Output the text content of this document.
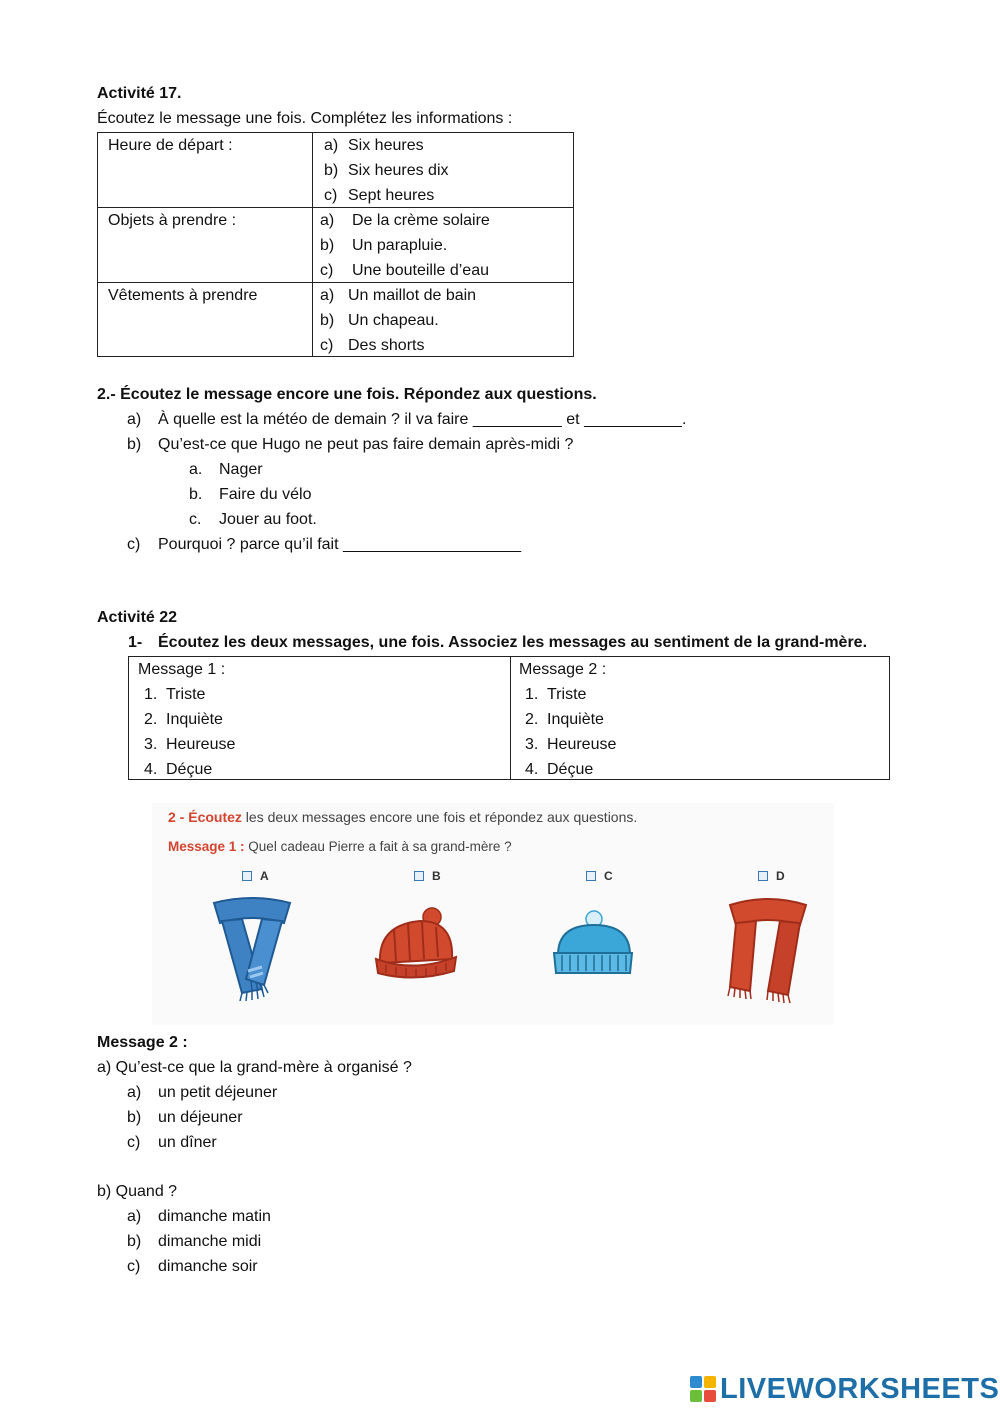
Activité 17.
Écoutez le message une fois. Complétez les informations :
Heure de départ :	a) Six heures
b) Six heures dix
c) Sept heures
Objets à prendre :	a) De la crème solaire
b) Un parapluie.
c) Une bouteille d’eau
Vêtements à prendre	a) Un maillot de bain
b) Un chapeau.
c) Des shorts
2.- Écoutez le message encore une fois. Répondez aux questions.
a) À quelle est la météo de demain ? il va faire __________ et ___________.
b) Qu’est-ce que Hugo ne peut pas faire demain après-midi ?
a. Nager
b. Faire du vélo
c. Jouer au foot.
c) Pourquoi ? parce qu’il fait ____________________
Activité 22
1- Écoutez les deux messages, une fois. Associez les messages au sentiment de la grand-mère.
Message 1 :
1. Triste
2. Inquiète
3. Heureuse
4. Déçue
Message 2 :
1. Triste
2. Inquiète
3. Heureuse
4. Déçue
2 - Écoutez les deux messages encore une fois et répondez aux questions.
Message 1 : Quel cadeau Pierre a fait à sa grand-mère ?
A	B	C	D
Message 2 :
a) Qu’est-ce que la grand-mère à organisé ?
a) un petit déjeuner
b) un déjeuner
c) un dîner
b) Quand ?
a) dimanche matin
b) dimanche midi
c) dimanche soir
LIVEWORKSHEETS
